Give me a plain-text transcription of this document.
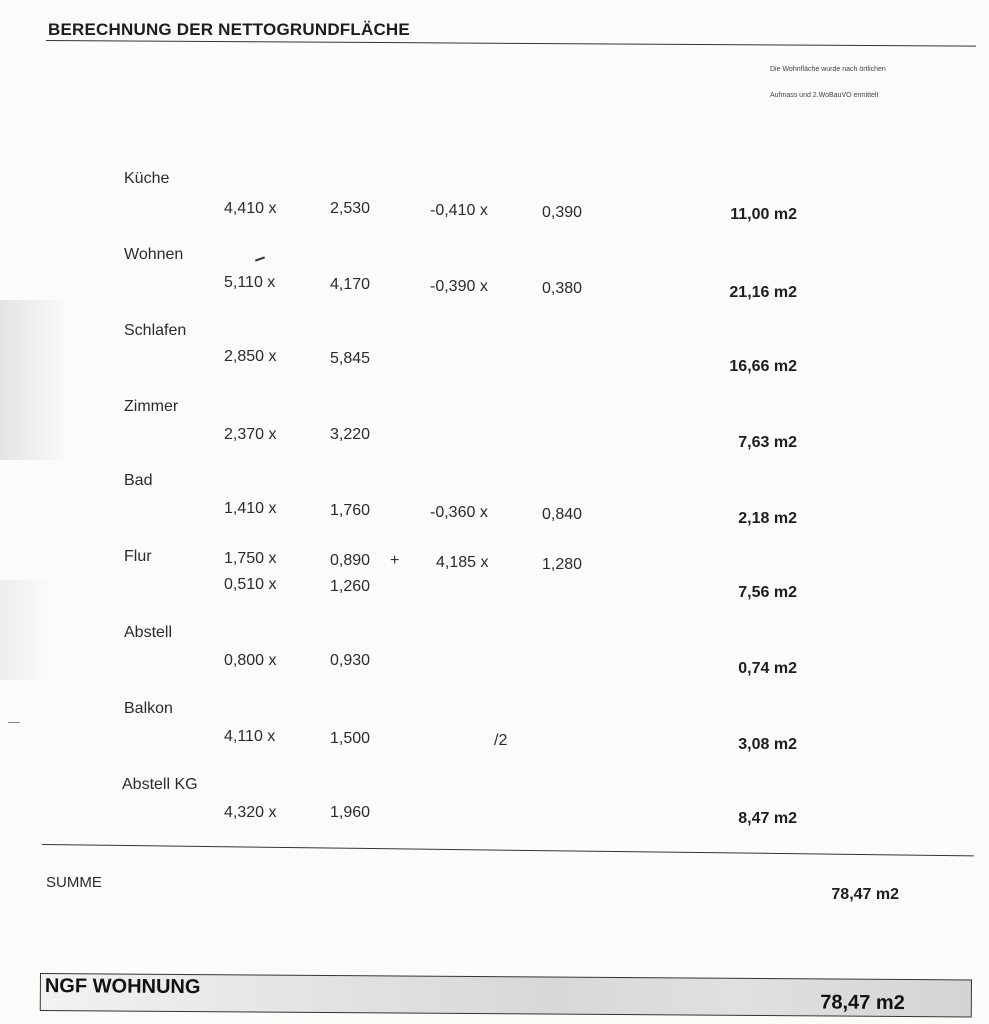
BERECHNUNG DER NETTOGRUNDFLÄCHE
Die Wohnfläche wurde nach örtlichen
Aufmass und 2.WoBauVO ermittelt
Küche
4,410 x	2,530	-0,410 x	0,390	11,00 m2
Wohnen
5,110 x	4,170	-0,390 x	0,380	21,16 m2
Schlafen
2,850 x	5,845	16,66 m2
Zimmer
2,370 x	3,220	7,63 m2
Bad
1,410 x	1,760	-0,360 x	0,840	2,18 m2
Flur	1,750 x	0,890 + 4,185 x	1,280
0,510 x	1,260	7,56 m2
Abstell
0,800 x	0,930	0,74 m2
Balkon
4,110 x	1,500	/2	3,08 m2
Abstell KG
4,320 x	1,960	8,47 m2
SUMME
78,47 m2
NGF WOHNUNG
78,47 m2
